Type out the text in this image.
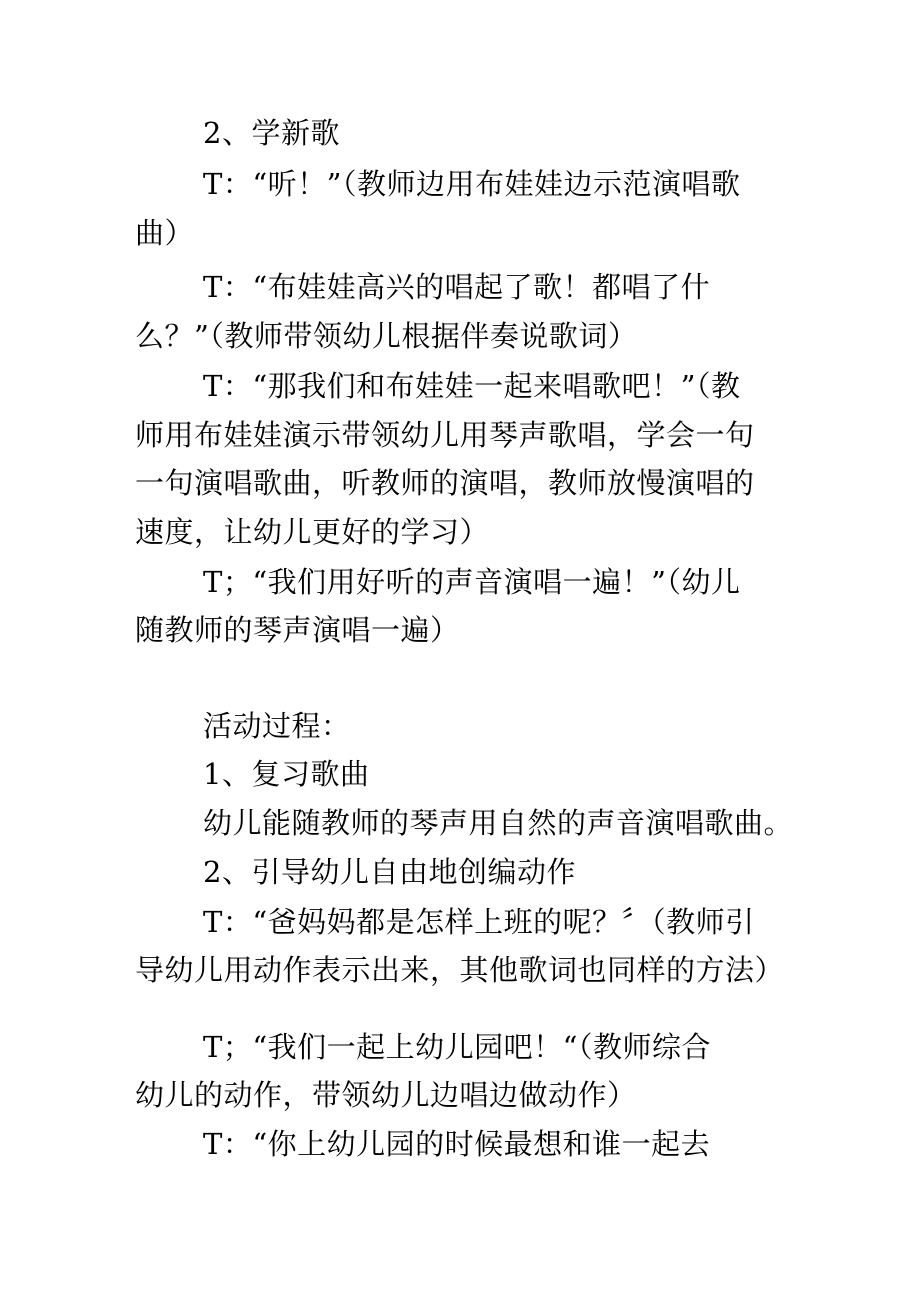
2、学新歌

T：“听！”（教师边用布娃娃边示范演唱歌

曲）

T：“布娃娃高兴的唱起了歌！都唱了什

么？”（教师带领幼儿根据伴奏说歌词）

T：“那我们和布娃娃一起来唱歌吧！”（教

师用布娃娃演示带领幼儿用琴声歌唱，学会一句

一句演唱歌曲，听教师的演唱，教师放慢演唱的

速度，让幼儿更好的学习）

T；“我们用好听的声音演唱一遍！”（幼儿

随教师的琴声演唱一遍）

活动过程：

1、复习歌曲

幼儿能随教师的琴声用自然的声音演唱歌曲。

2、引导幼儿自由地创编动作

T：“爸妈妈都是怎样上班的呢？〞（教师引

导幼儿用动作表示出来，其他歌词也同样的方法）

T；“我们一起上幼儿园吧！“（教师综合

幼儿的动作，带领幼儿边唱边做动作）

T：“你上幼儿园的时候最想和谁一起去
